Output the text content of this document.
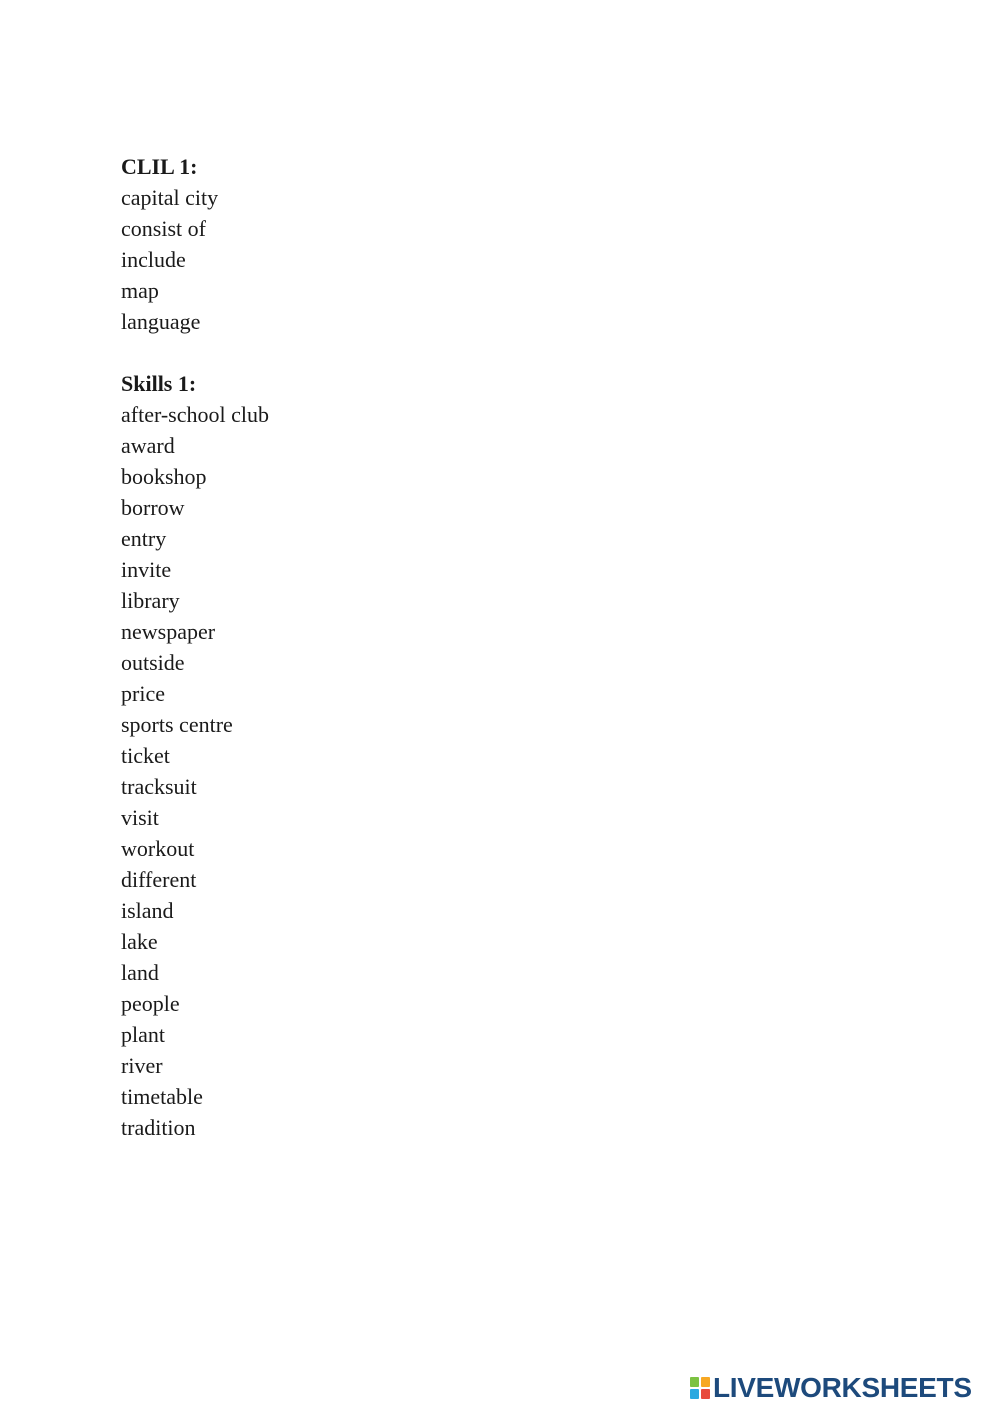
CLIL 1:
capital city
consist of
include
map
language
Skills 1:
after-school club
award
bookshop
borrow
entry
invite
library
newspaper
outside
price
sports centre
ticket
tracksuit
visit
workout
different
island
lake
land
people
plant
river
timetable
tradition
LIVEWORKSHEETS
